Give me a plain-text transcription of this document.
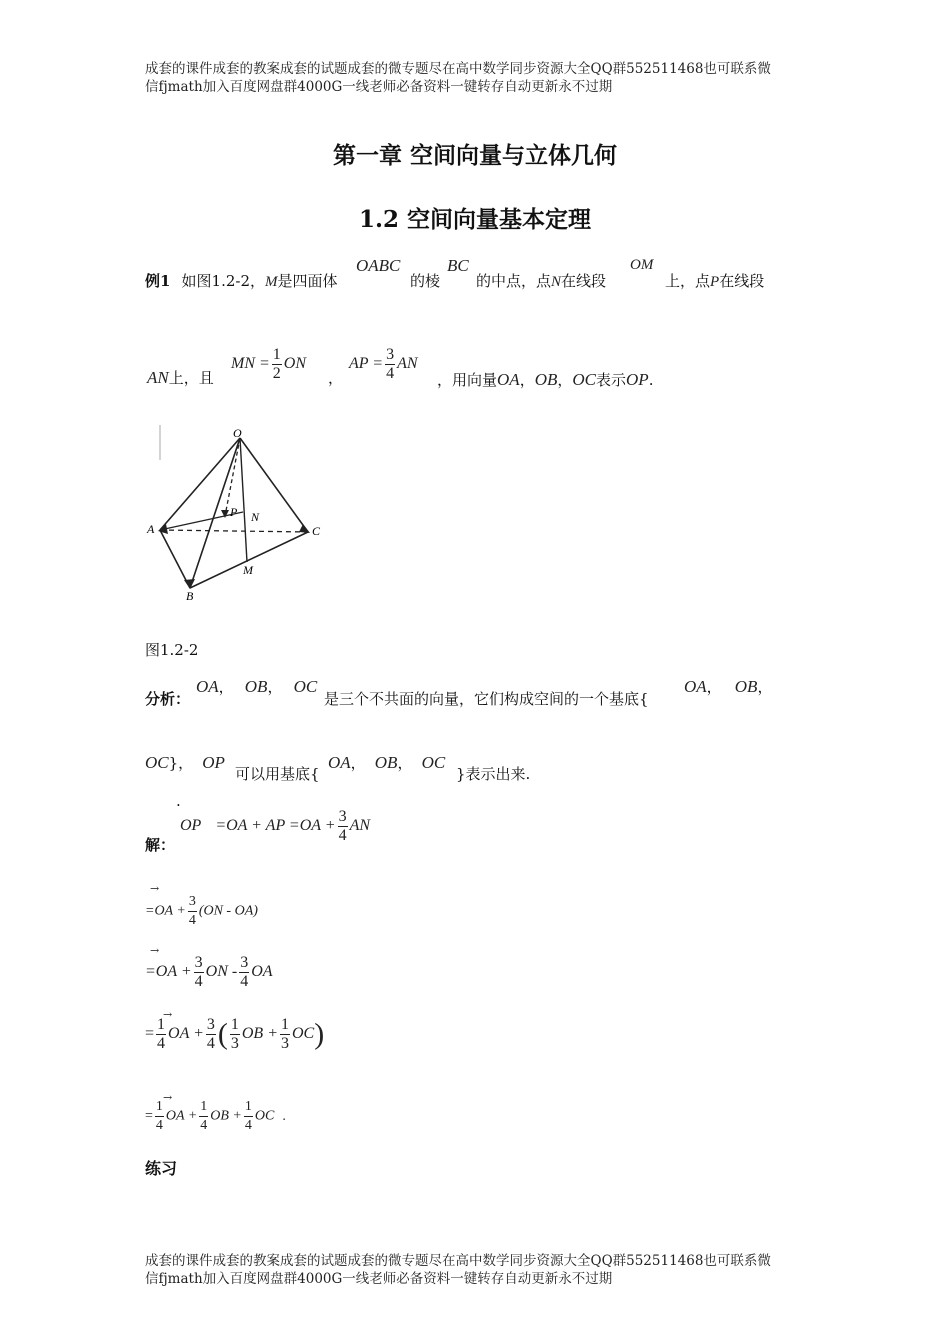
成套的课件成套的教案成套的试题成套的微专题尽在高中数学同步资源大全QQ群552511468也可联系微
信fjmath加入百度网盘群4000G一线老师必备资料一键转存自动更新永不过期
第一章 空间向量与立体几何
1.2 空间向量基本定理
例1 如图1.2-2，M是四面体
OABC
的棱
BC
的中点，点N在线段
OM
上，点P在线段
AN上，且
MN = $\frac{1}{2}$ ON
，
AP = $\frac{3}{4}$ AN
，用向量OA，OB，OC表示OP.
O
A
B
C
P N
M
图1.2-2
分析：
OA， OB， OC
是三个不共面的向量，它们构成空间的一个基底{
OA， OB，
OC}， OP
可以用基底{
OA， OB， OC
}表示出来.
.
解：
OP =OA + AP $=OA + \frac{3}{4}$ AN
→
$=OA + \frac{3}{4} (ON - OA)$
→
$=OA + \frac{3}{4}$ ON - $\frac{3}{4}$ OA
→
= $\frac{1}{4}$ OA + $\frac{3}{4}$ ( $\frac{1}{3}$ OB + $\frac{1}{3} OC$)
→
= $\frac{1}{4}$ OA + $\frac{1}{4}$ OB + $\frac{1}{4}$ OC .
练习
成套的课件成套的教案成套的试题成套的微专题尽在高中数学同步资源大全QQ群552511468也可联系微
信fjmath加入百度网盘群4000G一线老师必备资料一键转存自动更新永不过期
